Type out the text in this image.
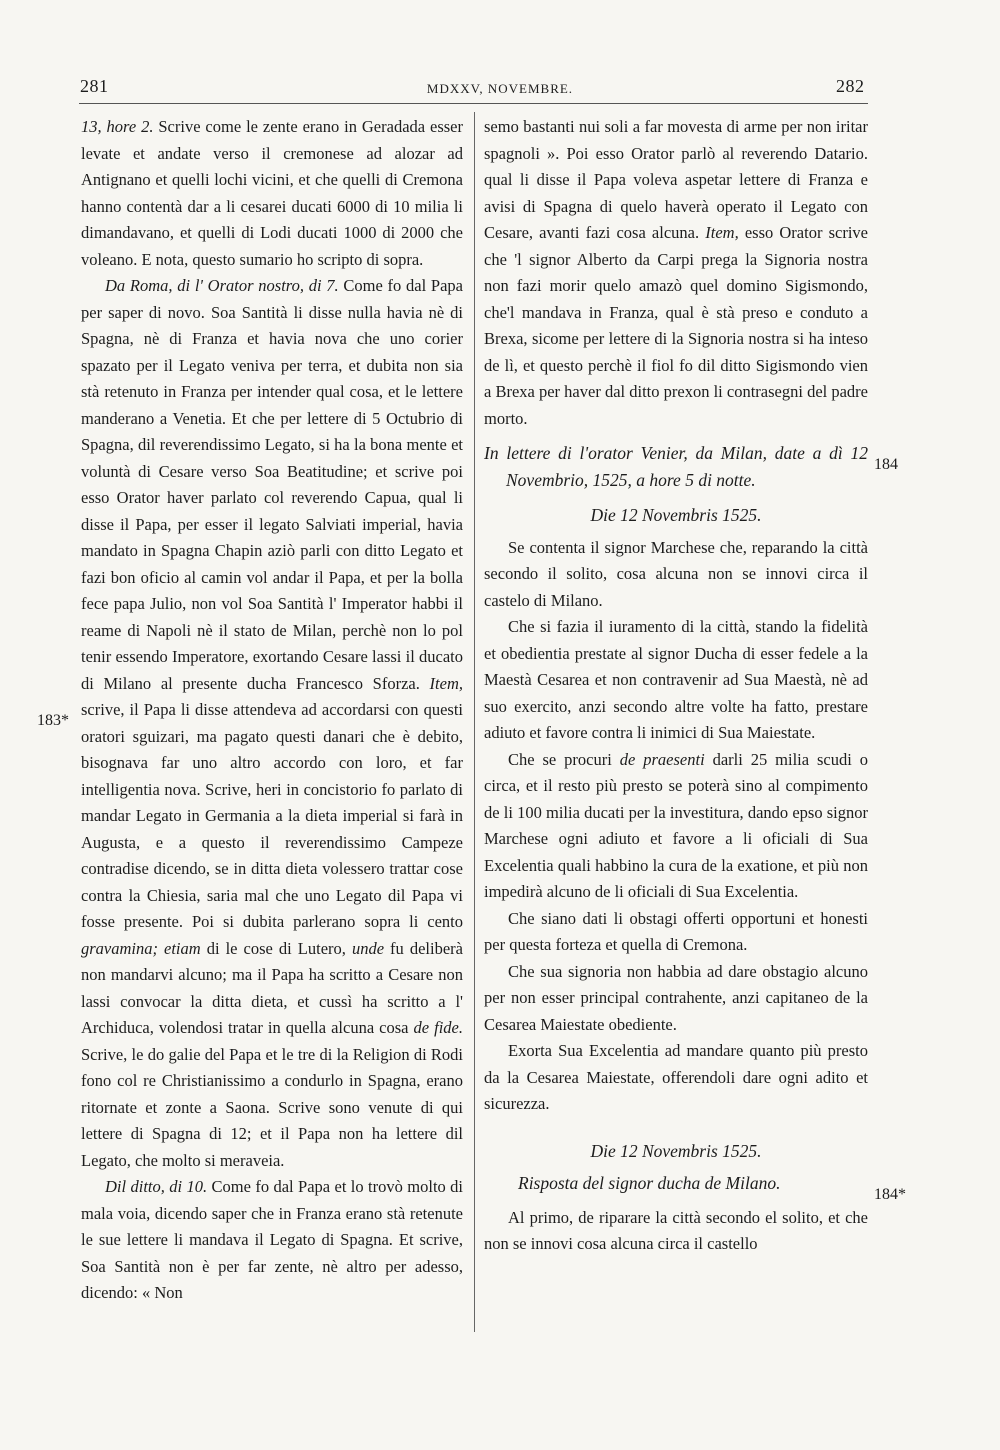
281	MDXXV, NOVEMBRE.	282
183*
184
184*

13, hore 2. Scrive come le zente erano in Geradada esser levate et andate verso il cremonese ad alozar ad Antignano et quelli lochi vicini, et che quelli di Cremona hanno contentà dar a li cesarei ducati 6000 di 10 milia li dimandavano, et quelli di Lodi ducati 1000 di 2000 che voleano. E nota, questo sumario ho scripto di sopra.

Da Roma, di l' Orator nostro, di 7. Come fo dal Papa per saper di novo. Soa Santità li disse nulla havia nè di Spagna, nè di Franza et havia nova che uno corier spazato per il Legato veniva per terra, et dubita non sia stà retenuto in Franza per intender qual cosa, et le lettere manderano a Venetia. Et che per lettere di 5 Octubrio di Spagna, dil reverendissimo Legato, si ha la bona mente et voluntà di Cesare verso Soa Beatitudine; et scrive poi esso Orator haver parlato col reverendo Capua, qual li disse il Papa, per esser il legato Salviati imperial, havia mandato in Spagna Chapin aziò parli con ditto Legato et fazi bon oficio al camin vol andar il Papa, et per la bolla fece papa Julio, non vol Soa Santità l' Imperator habbi il reame di Napoli nè il stato de Milan, perchè non lo pol tenir essendo Imperatore, exortando Cesare lassi il ducato di Milano al presente ducha Francesco Sforza. Item, scrive, il Papa li disse attendeva ad accordarsi con questi oratori sguizari, ma pagato questi danari che è debito, bisognava far uno altro accordo con loro, et far intelligentia nova. Scrive, heri in concistorio fo parlato di mandar Legato in Germania a la dieta imperial si farà in Augusta, e a questo il reverendissimo Campeze contradise dicendo, se in ditta dieta volessero trattar cose contra la Chiesia, saria mal che uno Legato dil Papa vi fosse presente. Poi si dubita parlerano sopra li cento gravamina; etiam di le cose di Lutero, unde fu deliberà non mandarvi alcuno; ma il Papa ha scritto a Cesare non lassi convocar la ditta dieta, et cussì ha scritto a l' Archiduca, volendosi tratar in quella alcuna cosa de fide. Scrive, le do galie del Papa et le tre di la Religion di Rodi fono col re Christianissimo a condurlo in Spagna, erano ritornate et zonte a Saona. Scrive sono venute di qui lettere di Spagna di 12; et il Papa non ha lettere dil Legato, che molto si meraveia.

Dil ditto, di 10. Come fo dal Papa et lo trovò molto di mala voia, dicendo saper che in Franza erano stà retenute le sue lettere li mandava il Legato di Spagna. Et scrive, Soa Santità non è per far zente, nè altro per adesso, dicendo: « Non

semo bastanti nui soli a far movesta di arme per non iritar spagnoli ». Poi esso Orator parlò al reverendo Datario. qual li disse il Papa voleva aspetar lettere di Franza e avisi di Spagna di quelo haverà operato il Legato con Cesare, avanti fazi cosa alcuna. Item, esso Orator scrive che 'l signor Alberto da Carpi prega la Signoria nostra non fazi morir quelo amazò quel domino Sigismondo, che'l mandava in Franza, qual è stà preso e conduto a Brexa, sicome per lettere di la Signoria nostra si ha inteso de lì, et questo perchè il fiol fo dil ditto Sigismondo vien a Brexa per haver dal ditto prexon li contrasegni del padre morto.

In lettere di l'orator Venier, da Milan, date a dì 12 Novembrio, 1525, a hore 5 di notte.

Die 12 Novembris 1525.

Se contenta il signor Marchese che, reparando la città secondo il solito, cosa alcuna non se innovi circa il castelo di Milano.

Che si fazia il iuramento di la città, stando la fidelità et obedientia prestate al signor Ducha di esser fedele a la Maestà Cesarea et non contravenir ad Sua Maestà, nè ad suo exercito, anzi secondo altre volte ha fatto, prestare adiuto et favore contra li inimici di Sua Maiestate.

Che se procuri de praesenti darli 25 milia scudi o circa, et il resto più presto se poterà sino al compimento de li 100 milia ducati per la investitura, dando epso signor Marchese ogni adiuto et favore a li oficiali di Sua Excelentia quali habbino la cura de la exatione, et più non impedirà alcuno de li oficiali di Sua Excelentia.

Che siano dati li obstagi offerti opportuni et honesti per questa forteza et quella di Cremona.

Che sua signoria non habbia ad dare obstagio alcuno per non esser principal contrahente, anzi capitaneo de la Cesarea Maiestate obediente.

Exorta Sua Excelentia ad mandare quanto più presto da la Cesarea Maiestate, offerendoli dare ogni adito et sicurezza.

Die 12 Novembris 1525.

Risposta del signor ducha de Milano.

Al primo, de riparare la città secondo el solito, et che non se innovi cosa alcuna circa il castello
